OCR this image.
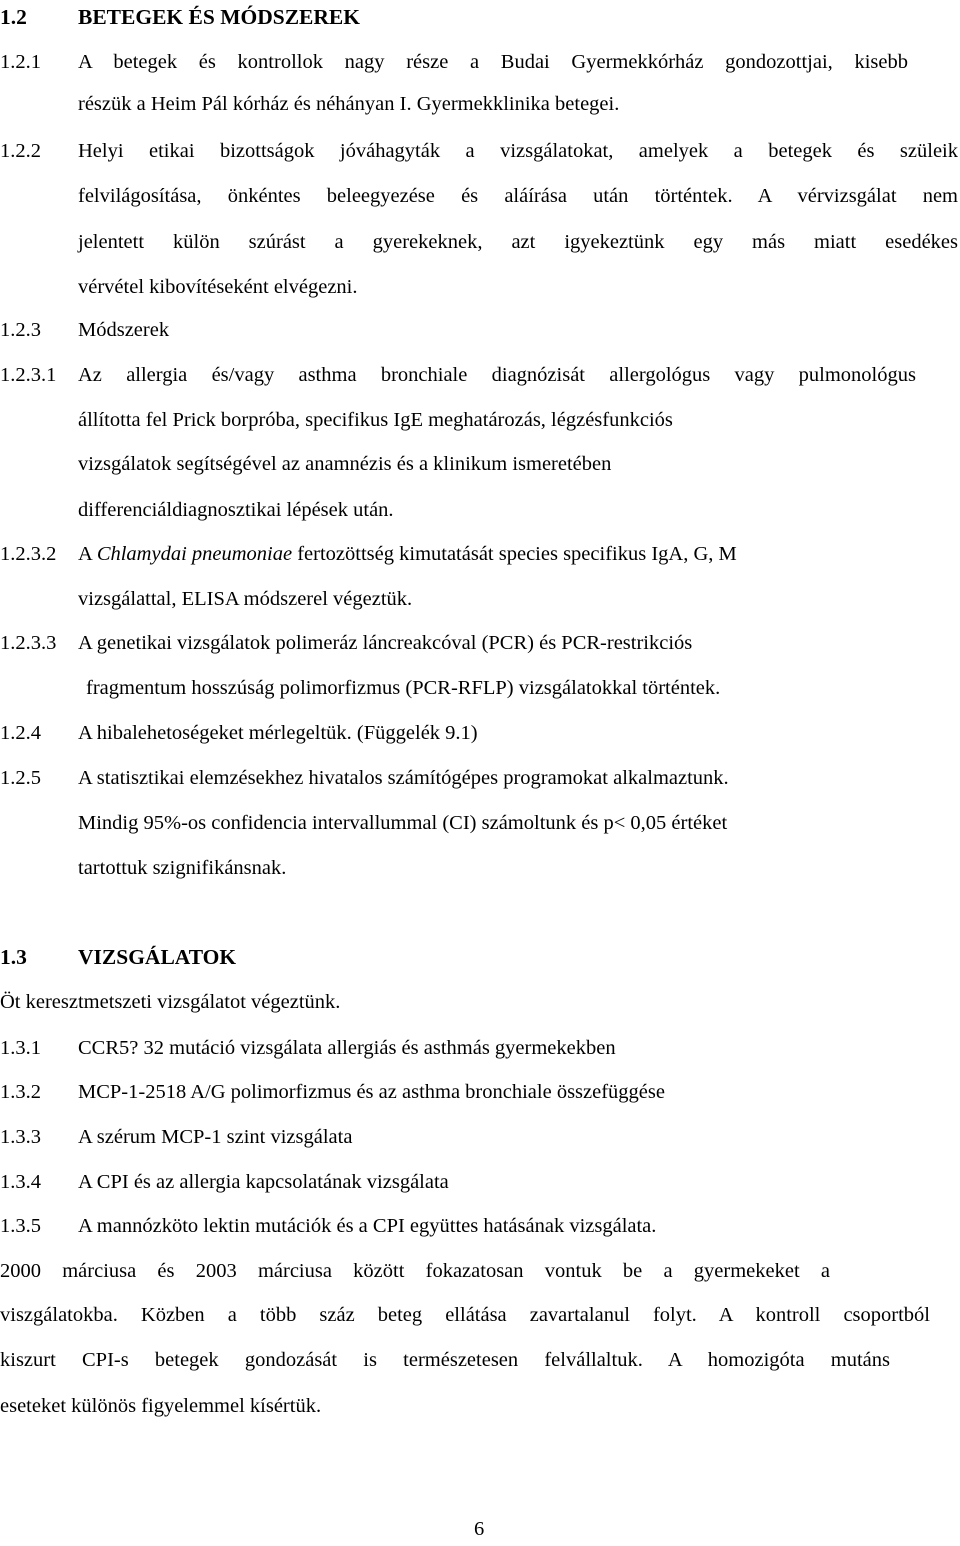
1.2 BETEGEK ÉS MÓDSZEREK
1.2.1 A betegek és kontrollok nagy része a Budai Gyermekkórház gondozottjai, kisebb
részük a Heim Pál kórház és néhányan I. Gyermekklinika betegei.
1.2.2 Helyi etikai bizottságok jóváhagyták a vizsgálatokat, amelyek a betegek és szüleik
felvilágosítása, önkéntes beleegyezése és aláírása után történtek. A vérvizsgálat nem
jelentett külön szúrást a gyerekeknek, azt igyekeztünk egy más miatt esedékes
vérvétel kibovítéseként elvégezni.
1.2.3 Módszerek
1.2.3.1 Az allergia és/vagy asthma bronchiale diagnózisát allergológus vagy pulmonológus
állította fel Prick borpróba, specifikus IgE meghatározás, légzésfunkciós
vizsgálatok segítségével az anamnézis és a klinikum ismeretében
differenciáldiagnosztikai lépések után.
1.2.3.2 A Chlamydai pneumoniae fertozöttség kimutatását species specifikus IgA, G, M
vizsgálattal, ELISA módszerel végeztük.
1.2.3.3 A genetikai vizsgálatok polimeráz láncreakcóval (PCR) és PCR-restrikciós
fragmentum hosszúság polimorfizmus (PCR-RFLP) vizsgálatokkal történtek.
1.2.4 A hibalehetoségeket mérlegeltük. (Függelék 9.1)
1.2.5 A statisztikai elemzésekhez hivatalos számítógépes programokat alkalmaztunk.
Mindig 95%-os confidencia intervallummal (CI) számoltunk és p< 0,05 értéket
tartottuk szignifikánsnak.
1.3 VIZSGÁLATOK
Öt keresztmetszeti vizsgálatot végeztünk.
1.3.1 CCR5? 32 mutáció vizsgálata allergiás és asthmás gyermekekben
1.3.2 MCP-1-2518 A/G polimorfizmus és az asthma bronchiale összefüggése
1.3.3 A szérum MCP-1 szint vizsgálata
1.3.4 A CPI és az allergia kapcsolatának vizsgálata
1.3.5 A mannózköto lektin mutációk és a CPI együttes hatásának vizsgálata.
2000 márciusa és 2003 márciusa között fokazatosan vontuk be a gyermekeket a
viszgálatokba. Közben a több száz beteg ellátása zavartalanul folyt. A kontroll csoportból
kiszurt CPI-s betegek gondozását is természetesen felvállaltuk. A homozigóta mutáns
eseteket különös figyelemmel kísértük.
6
